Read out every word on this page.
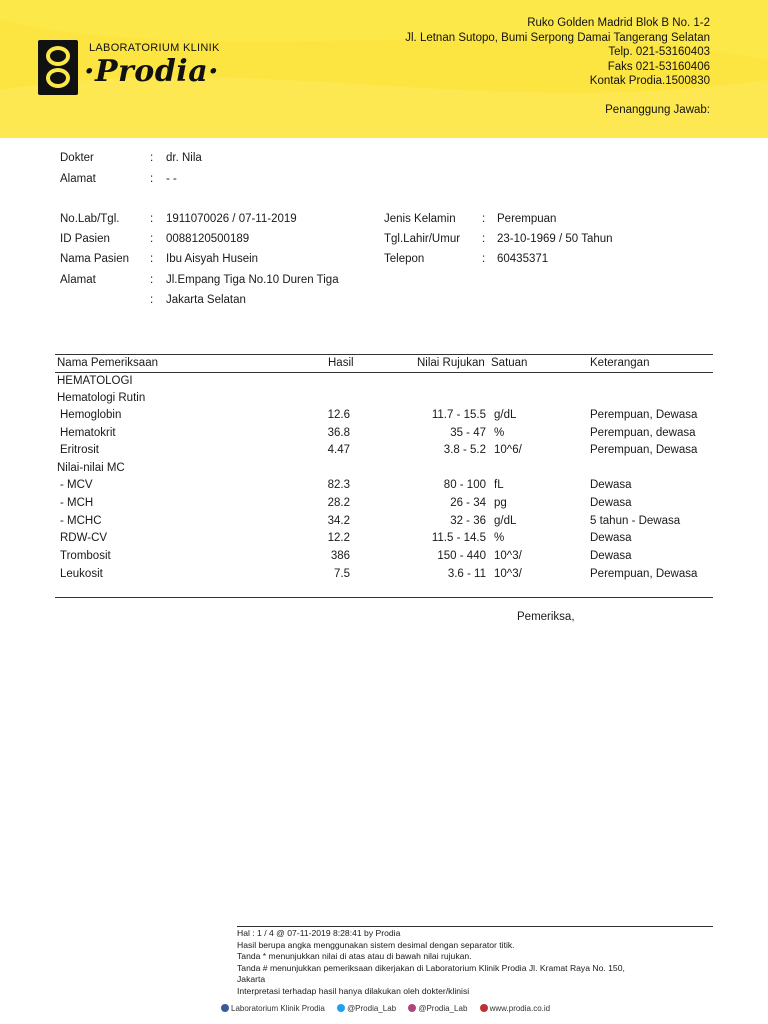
LABORATORIUM KLINIK
·Prodia·
Ruko Golden Madrid Blok B No. 1-2
Jl. Letnan Sutopo, Bumi Serpong Damai Tangerang Selatan
Telp. 021-53160403
Faks 021-53160406
Kontak Prodia.1500830
Penanggung Jawab:
Dokter	: dr. Nila
Alamat	: - -
No.Lab/Tgl.	: 1911070026 / 07-11-2019
ID Pasien	: 0088120500189
Nama Pasien : Ibu Aisyah Husein
Alamat	: Jl.Empang Tiga No.10 Duren Tiga
: Jakarta Selatan
Jenis Kelamin : Perempuan
Tgl.Lahir/Umur : 23-10-1969 / 50 Tahun
Telepon	: 60435371
Nama Pemeriksaan	Hasil	Nilai Rujukan Satuan	Keterangan
HEMATOLOGI
Hematologi Rutin
Hemoglobin	12.6	11.7 - 15.5 g/dL	Perempuan, Dewasa
Hematokrit	36.8	35 - 47 %	Perempuan, dewasa
Eritrosit	4.47	3.8 - 5.2 10^6/	Perempuan, Dewasa
Nilai-nilai MC
- MCV	82.3	80 - 100 fL	Dewasa
- MCH	28.2	26 - 34 pg	Dewasa
- MCHC	34.2	32 - 36 g/dL	5 tahun - Dewasa
RDW-CV	12.2	11.5 - 14.5 %	Dewasa
Trombosit	386	150 - 440 10^3/	Dewasa
Leukosit	7.5	3.6 - 11 10^3/	Perempuan, Dewasa
Pemeriksa,
Hal : 1 / 4 @ 07-11-2019 8:28:41 by Prodia
Hasil berupa angka menggunakan sistem desimal dengan separator titik.
Tanda * menunjukkan nilai di atas atau di bawah nilai rujukan.
Tanda # menunjukkan pemeriksaan dikerjakan di Laboratorium Klinik Prodia Jl. Kramat Raya No. 150,
Jakarta
Interpretasi terhadap hasil hanya dilakukan oleh dokter/klinisi
Laboratorium Klinik Prodia	@Prodia_Lab	@Prodia_Lab	www.prodia.co.id
